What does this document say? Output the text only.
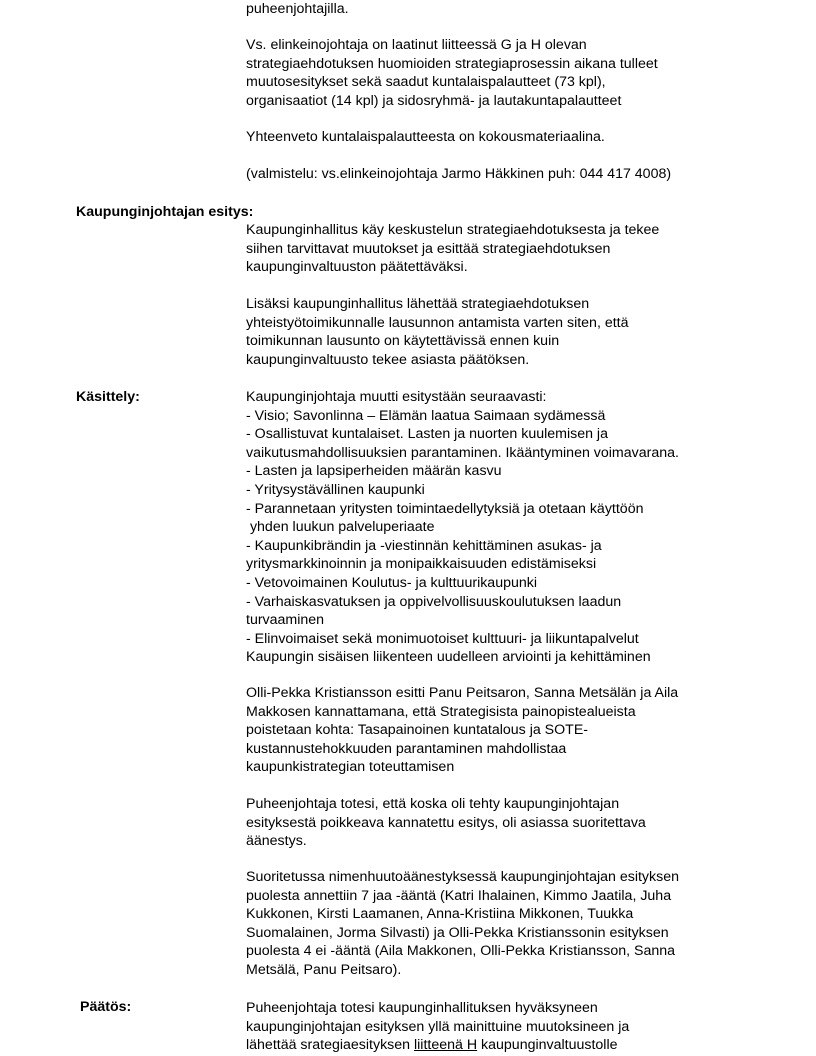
puheenjohtajilla.
Vs. elinkeinojohtaja on laatinut liitteessä G ja H olevan
strategiaehdotuksen huomioiden strategiaprosessin aikana tulleet
muutosesitykset sekä saadut kuntalaispalautteet (73 kpl),
organisaatiot (14 kpl) ja sidosryhmä- ja lautakuntapalautteet
Yhteenveto kuntalaispalautteesta on kokousmateriaalina.
(valmistelu: vs.elinkeinojohtaja Jarmo Häkkinen puh: 044 417 4008)
Kaupunginjohtajan esitys:
Kaupunginhallitus käy keskustelun strategiaehdotuksesta ja tekee
siihen tarvittavat muutokset ja esittää strategiaehdotuksen
kaupunginvaltuuston päätettäväksi.
Lisäksi kaupunginhallitus lähettää strategiaehdotuksen
yhteistyötoimikunnalle lausunnon antamista varten siten, että
toimikunnan lausunto on käytettävissä ennen kuin
kaupunginvaltuusto tekee asiasta päätöksen.
Käsittely:	Kaupunginjohtaja muutti esitystään seuraavasti:
- Visio; Savonlinna – Elämän laatua Saimaan sydämessä
- Osallistuvat kuntalaiset. Lasten ja nuorten kuulemisen ja
vaikutusmahdollisuuksien parantaminen. Ikääntyminen voimavarana.
- Lasten ja lapsiperheiden määrän kasvu
- Yritysystävällinen kaupunki
- Parannetaan yritysten toimintaedellytyksiä ja otetaan käyttöön
yhden luukun palveluperiaate
- Kaupunkibrändin ja -viestinnän kehittäminen asukas- ja
yritysmarkkinoinnin ja monipaikkaisuuden edistämiseksi
- Vetovoimainen Koulutus- ja kulttuurikaupunki
- Varhaiskasvatuksen ja oppivelvollisuuskoulutuksen laadun
turvaaminen
- Elinvoimaiset sekä monimuotoiset kulttuuri- ja liikuntapalvelut
Kaupungin sisäisen liikenteen uudelleen arviointi ja kehittäminen
Olli-Pekka Kristiansson esitti Panu Peitsaron, Sanna Metsälän ja Aila
Makkosen kannattamana, että Strategisista painopistealueista
poistetaan kohta: Tasapainoinen kuntatalous ja SOTE-
kustannustehokkuuden parantaminen mahdollistaa
kaupunkistrategian toteuttamisen
Puheenjohtaja totesi, että koska oli tehty kaupunginjohtajan
esityksestä poikkeava kannatettu esitys, oli asiassa suoritettava
äänestys.
Suoritetussa nimenhuutoäänestyksessä kaupunginjohtajan esityksen
puolesta annettiin 7 jaa -ääntä (Katri Ihalainen, Kimmo Jaatila, Juha
Kukkonen, Kirsti Laamanen, Anna-Kristiina Mikkonen, Tuukka
Suomalainen, Jorma Silvasti) ja Olli-Pekka Kristianssonin esityksen
puolesta 4 ei -ääntä (Aila Makkonen, Olli-Pekka Kristiansson, Sanna
Metsälä, Panu Peitsaro).
Päätös:	Puheenjohtaja totesi kaupunginhallituksen hyväksyneen
kaupunginjohtajan esityksen yllä mainittuine muutoksineen ja
lähettää srategiaesityksen liitteenä H kaupunginvaltuustolle
